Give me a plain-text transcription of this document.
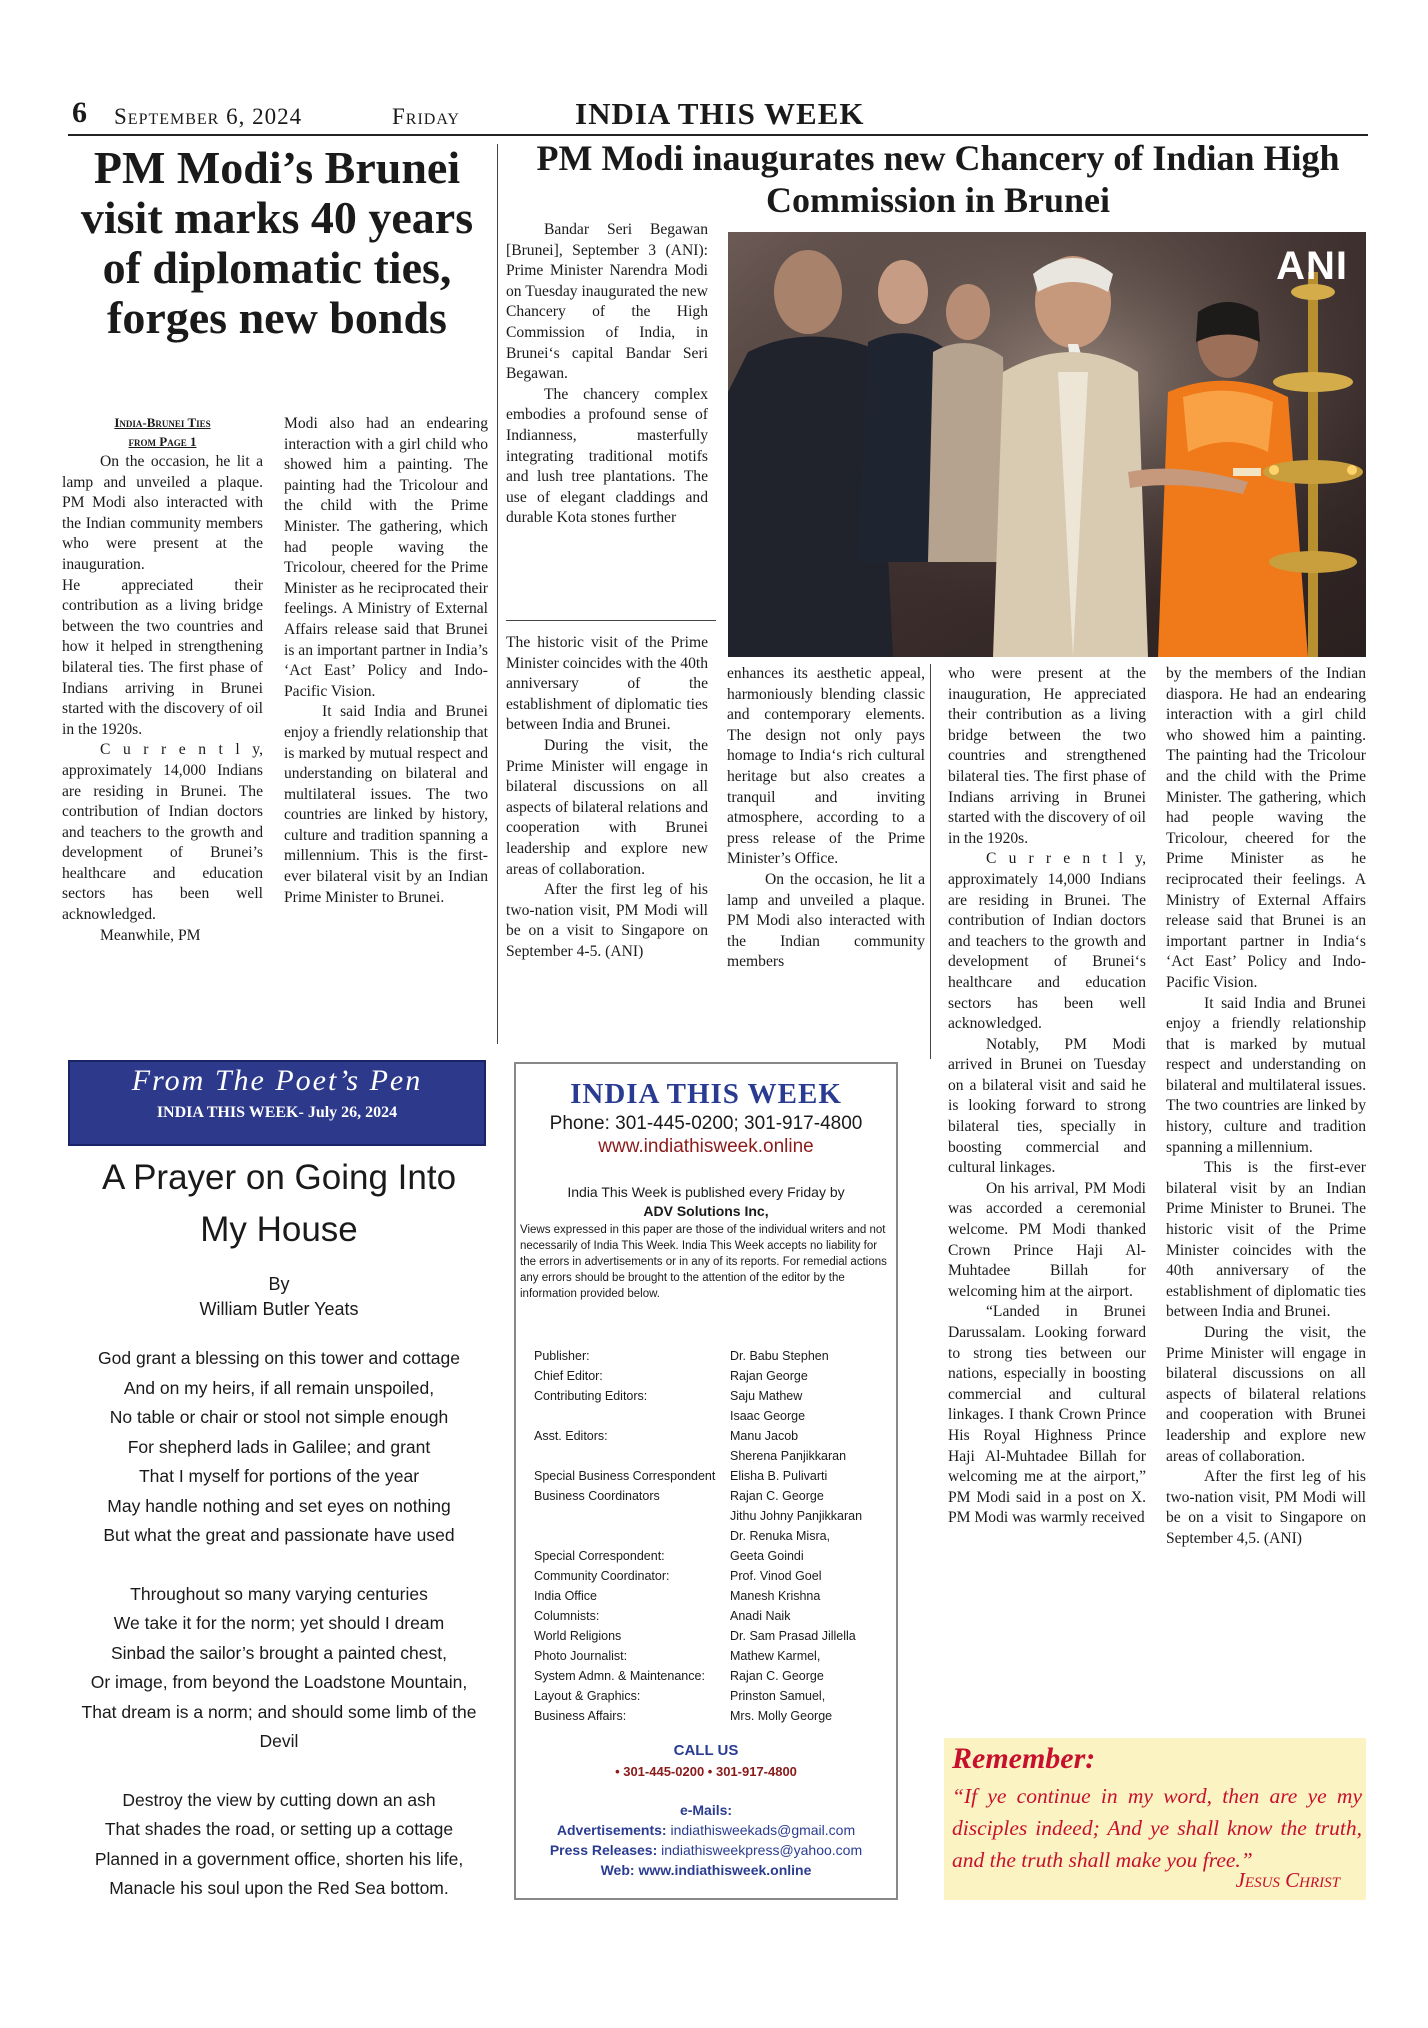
6 September 6, 2024	Friday	INDIA THIS WEEK
PM Modi’s Brunei visit marks 40 years of diplomatic ties, forges new bonds
India-Brunei Ties
from Page 1

On the occasion, he lit a lamp and unveiled a plaque. PM Modi also interacted with the Indian community members who were present at the inauguration.

He appreciated their contribution as a living bridge between the two countries and how it helped in strengthening bilateral ties. The first phase of Indians arriving in Brunei started with the discovery of oil in the 1920s.

C u r r e n t l y, approximately 14,000 Indians are residing in Brunei. The contribution of Indian doctors and teachers to the growth and development of Brunei’s healthcare and education sectors has been well acknowledged.

Meanwhile, PM

Modi also had an endearing interaction with a girl child who showed him a painting. The painting had the Tricolour and the child with the Prime Minister. The gathering, which had people waving the Tricolour, cheered for the Prime Minister as he reciprocated their feelings. A Ministry of External Affairs release said that Brunei is an important partner in India’s ‘Act East’ Policy and Indo-Pacific Vision.

It said India and Brunei enjoy a friendly relationship that is marked by mutual respect and understanding on bilateral and multilateral issues. The two countries are linked by history, culture and tradition spanning a millennium. This is the first-ever bilateral visit by an Indian Prime Minister to Brunei.

PM Modi inaugurates new Chancery of Indian High Commission in Brunei

Bandar Seri Begawan [Brunei], September 3 (ANI): Prime Minister Narendra Modi on Tuesday inaugurated the new Chancery of the High Commission of India, in Brunei‘s capital Bandar Seri Begawan.

The chancery complex embodies a profound sense of Indianness, masterfully integrating traditional motifs and lush tree plantations. The use of elegant claddings and durable Kota stones further

ANI

The historic visit of the Prime Minister coincides with the 40th anniversary of the establishment of diplomatic ties between India and Brunei.

During the visit, the Prime Minister will engage in bilateral discussions on all aspects of bilateral relations and cooperation with Brunei leadership and explore new areas of collaboration.

After the first leg of his two-nation visit, PM Modi will be on a visit to Singapore on September 4-5. (ANI)

enhances its aesthetic appeal, harmoniously blending classic and contemporary elements. The design not only pays homage to India‘s rich cultural heritage but also creates a tranquil and inviting atmosphere, according to a press release of the Prime Minister’s Office.

On the occasion, he lit a lamp and unveiled a plaque. PM Modi also interacted with the Indian community members

who were present at the inauguration, He appreciated their contribution as a living bridge between the two countries and strengthened bilateral ties. The first phase of Indians arriving in Brunei started with the discovery of oil in the 1920s.

C u r r e n t l y, approximately 14,000 Indians are residing in Brunei. The contribution of Indian doctors and teachers to the growth and development of Brunei‘s healthcare and education sectors has been well acknowledged.

Notably, PM Modi arrived in Brunei on Tuesday on a bilateral visit and said he is looking forward to strong bilateral ties, specially in boosting commercial and cultural linkages.

On his arrival, PM Modi was accorded a ceremonial welcome. PM Modi thanked Crown Prince Haji Al-Muhtadee Billah for welcoming him at the airport.

“Landed in Brunei Darussalam. Looking forward to strong ties between our nations, especially in boosting commercial and cultural linkages. I thank Crown Prince His Royal Highness Prince Haji Al-Muhtadee Billah for welcoming me at the airport,” PM Modi said in a post on X. PM Modi was warmly received

by the members of the Indian diaspora. He had an endearing interaction with a girl child who showed him a painting. The painting had the Tricolour and the child with the Prime Minister. The gathering, which had people waving the Tricolour, cheered for the Prime Minister as he reciprocated their feelings. A Ministry of External Affairs release said that Brunei is an important partner in India‘s ‘Act East’ Policy and Indo-Pacific Vision.

It said India and Brunei enjoy a friendly relationship that is marked by mutual respect and understanding on bilateral and multilateral issues. The two countries are linked by history, culture and tradition spanning a millennium.

This is the first-ever bilateral visit by an Indian Prime Minister to Brunei. The historic visit of the Prime Minister coincides with the 40th anniversary of the establishment of diplomatic ties between India and Brunei.

During the visit, the Prime Minister will engage in bilateral discussions on all aspects of bilateral relations and cooperation with Brunei leadership and explore new areas of collaboration.

After the first leg of his two-nation visit, PM Modi will be on a visit to Singapore on September 4,5. (ANI)

From The Poet’s Pen
INDIA THIS WEEK- July 26, 2024
A Prayer on Going Into
My House
By
William Butler Yeats
God grant a blessing on this tower and cottage
And on my heirs, if all remain unspoiled,
No table or chair or stool not simple enough
For shepherd lads in Galilee; and grant
That I myself for portions of the year
May handle nothing and set eyes on nothing
But what the great and passionate have used
Throughout so many varying centuries
We take it for the norm; yet should I dream
Sinbad the sailor’s brought a painted chest,
Or image, from beyond the Loadstone Mountain,
That dream is a norm; and should some limb of the
Devil
Destroy the view by cutting down an ash
That shades the road, or setting up a cottage
Planned in a government office, shorten his life,
Manacle his soul upon the Red Sea bottom.
INDIA THIS WEEK
Phone: 301-445-0200; 301-917-4800
www.indiathisweek.online
India This Week is published every Friday by
ADV Solutions Inc,
Views expressed in this paper are those of the individual writers and not necessarily of India This Week. India This Week accepts no liability for the errors in advertisements or in any of its reports. For remedial actions any errors should be brought to the attention of the editor by the information provided below.
Publisher:	Dr. Babu Stephen
Chief Editor:	Rajan George
Contributing Editors:	Saju Mathew
Isaac George
Asst. Editors:	Manu Jacob
Sherena Panjikkaran
Special Business Correspondent	Elisha B. Pulivarti
Business Coordinators	Rajan C. George
Jithu Johny Panjikkaran
Dr. Renuka Misra,
Special Correspondent:	Geeta Goindi
Community Coordinator:	Prof. Vinod Goel
India Office	Manesh Krishna
Columnists:	Anadi Naik
World Religions	Dr. Sam Prasad Jillella
Photo Journalist:	Mathew Karmel,
System Admn. & Maintenance:	Rajan C. George
Layout & Graphics:	Prinston Samuel,
Business Affairs:	Mrs. Molly George
CALL US
• 301-445-0200 • 301-917-4800
e-Mails:
Advertisements: indiathisweekads@gmail.com
Press Releases: indiathisweekpress@yahoo.com
Web: www.indiathisweek.online
Remember:
“If ye continue in my word, then are ye my disciples indeed; And ye shall know the truth, and the truth shall make you free.”
Jesus Christ
